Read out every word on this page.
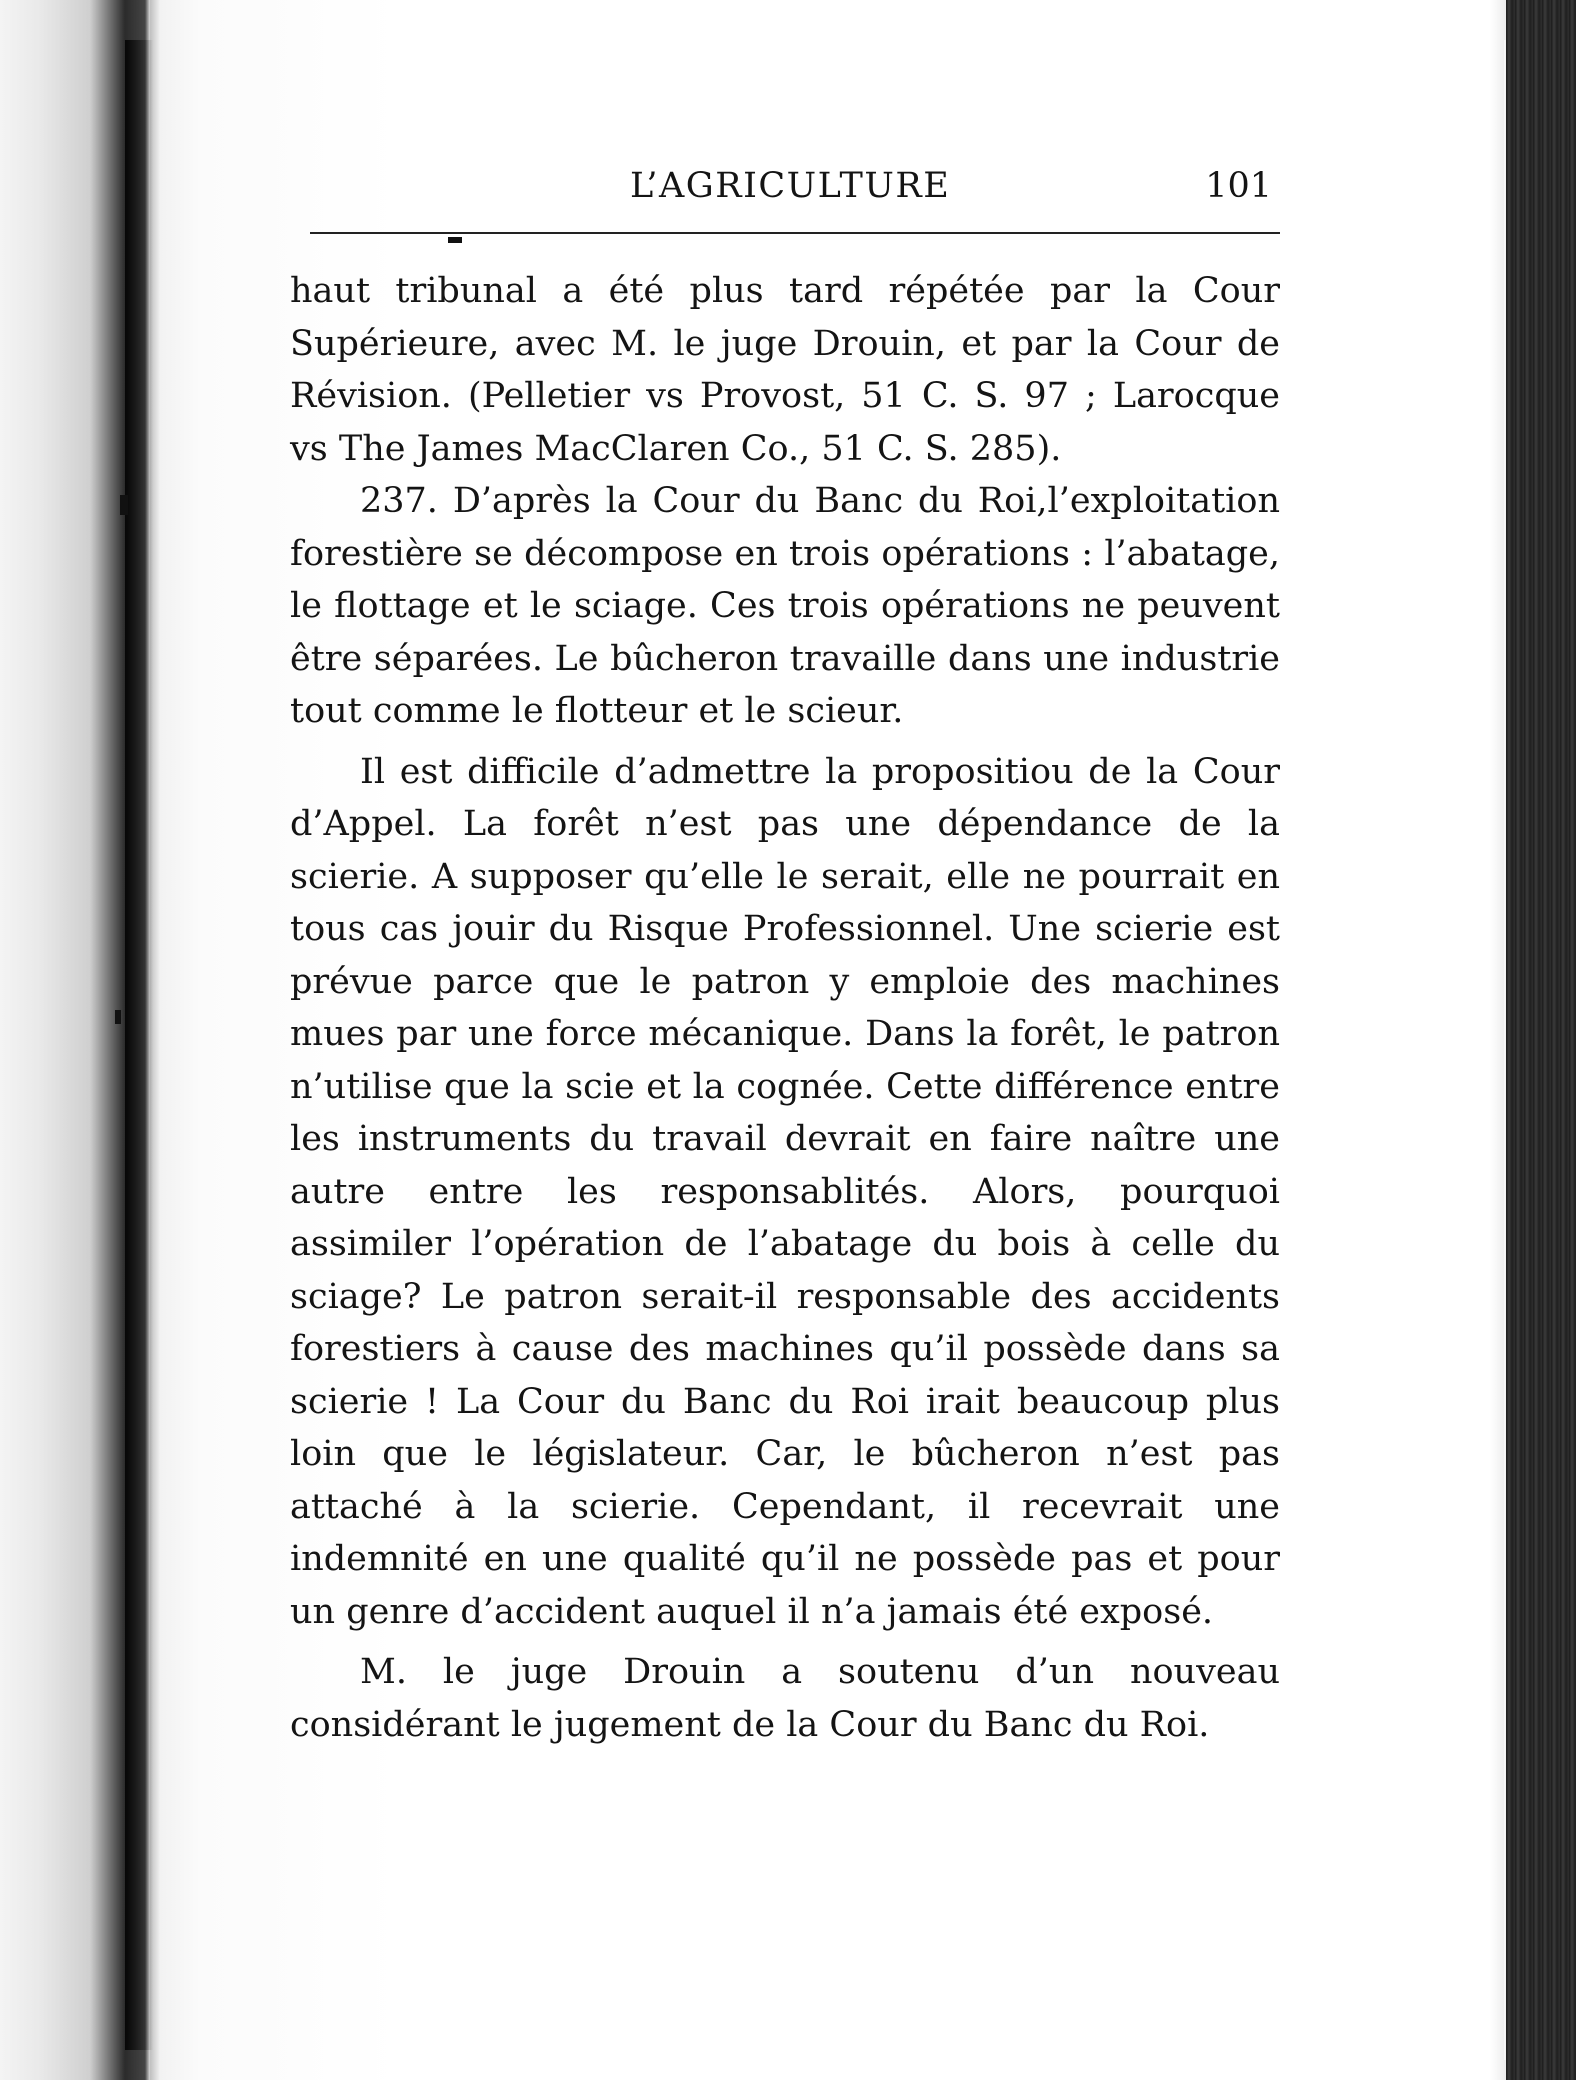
L’AGRICULTURE	101

haut tribunal a été plus tard répétée par la Cour Supérieure, avec M. le juge Drouin, et par la Cour de Révision. (Pelletier vs Provost, 51 C. S. 97 ; Larocque vs The James MacClaren Co., 51 C. S. 285).

237. D’après la Cour du Banc du Roi,l’exploitation forestière se décompose en trois opérations : l’abatage, le flottage et le sciage. Ces trois opérations ne peuvent être séparées. Le bûcheron travaille dans une industrie tout comme le flotteur et le scieur.

Il est difficile d’admettre la propositiou de la Cour d’Appel. La forêt n’est pas une dépendance de la scierie. A supposer qu’elle le serait, elle ne pourrait en tous cas jouir du Risque Professionnel. Une scierie est prévue parce que le patron y emploie des machines mues par une force mécanique. Dans la forêt, le patron n’utilise que la scie et la cognée. Cette différence entre les instruments du travail devrait en faire naître une autre entre les responsablités. Alors, pourquoi assimiler l’opération de l’abatage du bois à celle du sciage? Le patron serait-il responsable des accidents forestiers à cause des machines qu’il possède dans sa scierie ! La Cour du Banc du Roi irait beaucoup plus loin que le législateur. Car, le bûcheron n’est pas attaché à la scierie. Cependant, il recevrait une indemnité en une qualité qu’il ne possède pas et pour un genre d’accident auquel il n’a jamais été exposé.

M. le juge Drouin a soutenu d’un nouveau considérant le jugement de la Cour du Banc du Roi.
